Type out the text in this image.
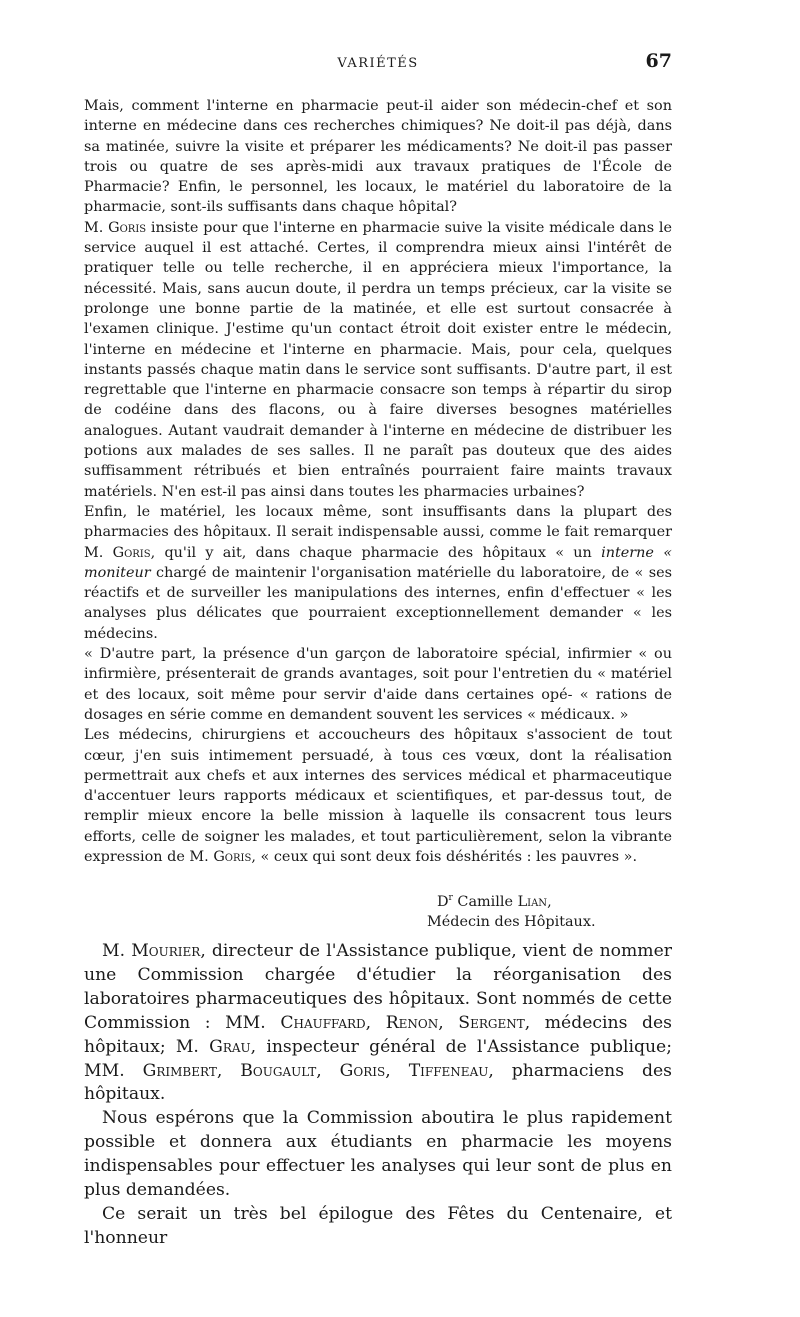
VARIÉTÉS	67

Mais, comment l'interne en pharmacie peut-il aider son médecin-chef et son interne en médecine dans ces recherches chimiques? Ne doit-il pas déjà, dans sa matinée, suivre la visite et préparer les médicaments? Ne doit-il pas passer trois ou quatre de ses après-midi aux travaux pratiques de l'École de Pharmacie? Enfin, le personnel, les locaux, le matériel du laboratoire de la pharmacie, sont-ils suffisants dans chaque hôpital?

M. Goris insiste pour que l'interne en pharmacie suive la visite médicale dans le service auquel il est attaché. Certes, il comprendra mieux ainsi l'intérêt de pratiquer telle ou telle recherche, il en appréciera mieux l'importance, la nécessité. Mais, sans aucun doute, il perdra un temps précieux, car la visite se prolonge une bonne partie de la matinée, et elle est surtout consacrée à l'examen clinique. J'estime qu'un contact étroit doit exister entre le médecin, l'interne en médecine et l'interne en pharmacie. Mais, pour cela, quelques instants passés chaque matin dans le service sont suffisants. D'autre part, il est regrettable que l'interne en pharmacie consacre son temps à répartir du sirop de codéine dans des flacons, ou à faire diverses besognes matérielles analogues. Autant vaudrait demander à l'interne en médecine de distribuer les potions aux malades de ses salles. Il ne paraît pas douteux que des aides suffisamment rétribués et bien entraînés pourraient faire maints travaux matériels. N'en est-il pas ainsi dans toutes les pharmacies urbaines?

Enfin, le matériel, les locaux même, sont insuffisants dans la plupart des pharmacies des hôpitaux. Il serait indispensable aussi, comme le fait remarquer M. Goris, qu'il y ait, dans chaque pharmacie des hôpitaux « un interne « moniteur chargé de maintenir l'organisation matérielle du laboratoire, de « ses réactifs et de surveiller les manipulations des internes, enfin d'effectuer « les analyses plus délicates que pourraient exceptionnellement demander « les médecins.

« D'autre part, la présence d'un garçon de laboratoire spécial, infirmier « ou infirmière, présenterait de grands avantages, soit pour l'entretien du « matériel et des locaux, soit même pour servir d'aide dans certaines opé- « rations de dosages en série comme en demandent souvent les services « médicaux. »

Les médecins, chirurgiens et accoucheurs des hôpitaux s'associent de tout cœur, j'en suis intimement persuadé, à tous ces vœux, dont la réalisation permettrait aux chefs et aux internes des services médical et pharmaceutique d'accentuer leurs rapports médicaux et scientifiques, et par-dessus tout, de remplir mieux encore la belle mission à laquelle ils consacrent tous leurs efforts, celle de soigner les malades, et tout particulièrement, selon la vibrante expression de M. Goris, « ceux qui sont deux fois déshérités : les pauvres ».

$D^r$ Camille Lian,
Médecin des Hôpitaux.

M. Mourier, directeur de l'Assistance publique, vient de nommer une Commission chargée d'étudier la réorganisation des laboratoires pharmaceutiques des hôpitaux. Sont nommés de cette Commission : MM. Chauffard, Renon, Sergent, médecins des hôpitaux; M. Grau, inspecteur général de l'Assistance publique; MM. Grimbert, Bougault, Goris, Tiffeneau, pharmaciens des hôpitaux.

Nous espérons que la Commission aboutira le plus rapidement possible et donnera aux étudiants en pharmacie les moyens indispensables pour effectuer les analyses qui leur sont de plus en plus demandées.

Ce serait un très bel épilogue des Fêtes du Centenaire, et l'honneur
